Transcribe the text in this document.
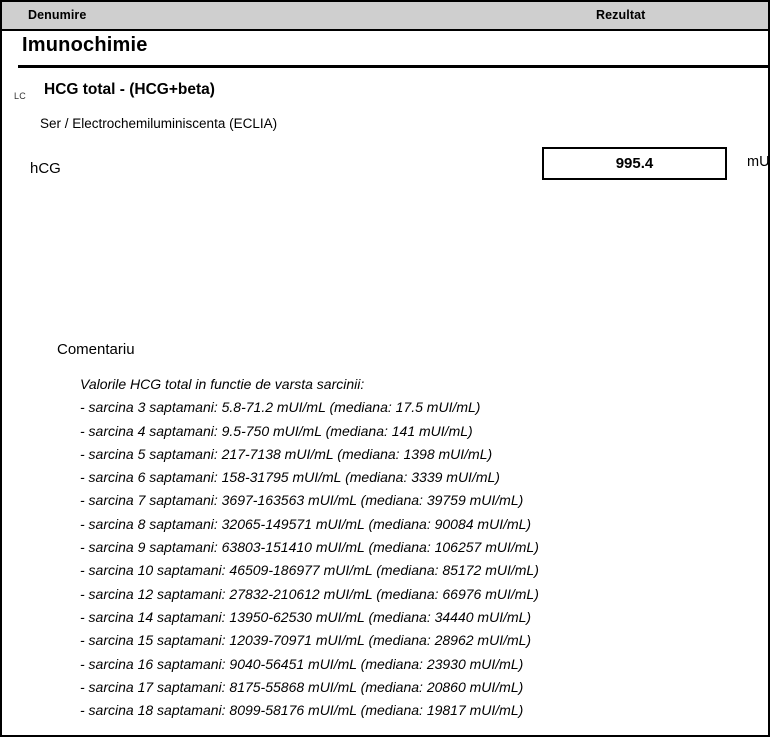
Denumire	Rezultat
Imunochimie
LC HCG total - (HCG+beta)
Ser / Electrochemiluminiscenta (ECLIA)
hCG	995.4	mU
Comentariu
Valorile HCG total in functie de varsta sarcinii:
- sarcina 3 saptamani: 5.8-71.2 mUI/mL (mediana: 17.5 mUI/mL)
- sarcina 4 saptamani: 9.5-750 mUI/mL (mediana: 141 mUI/mL)
- sarcina 5 saptamani: 217-7138 mUI/mL (mediana: 1398 mUI/mL)
- sarcina 6 saptamani: 158-31795 mUI/mL (mediana: 3339 mUI/mL)
- sarcina 7 saptamani: 3697-163563 mUI/mL (mediana: 39759 mUI/mL)
- sarcina 8 saptamani: 32065-149571 mUI/mL (mediana: 90084 mUI/mL)
- sarcina 9 saptamani: 63803-151410 mUI/mL (mediana: 106257 mUI/mL)
- sarcina 10 saptamani: 46509-186977 mUI/mL (mediana: 85172 mUI/mL)
- sarcina 12 saptamani: 27832-210612 mUI/mL (mediana: 66976 mUI/mL)
- sarcina 14 saptamani: 13950-62530 mUI/mL (mediana: 34440 mUI/mL)
- sarcina 15 saptamani: 12039-70971 mUI/mL (mediana: 28962 mUI/mL)
- sarcina 16 saptamani: 9040-56451 mUI/mL (mediana: 23930 mUI/mL)
- sarcina 17 saptamani: 8175-55868 mUI/mL (mediana: 20860 mUI/mL)
- sarcina 18 saptamani: 8099-58176 mUI/mL (mediana: 19817 mUI/mL)
